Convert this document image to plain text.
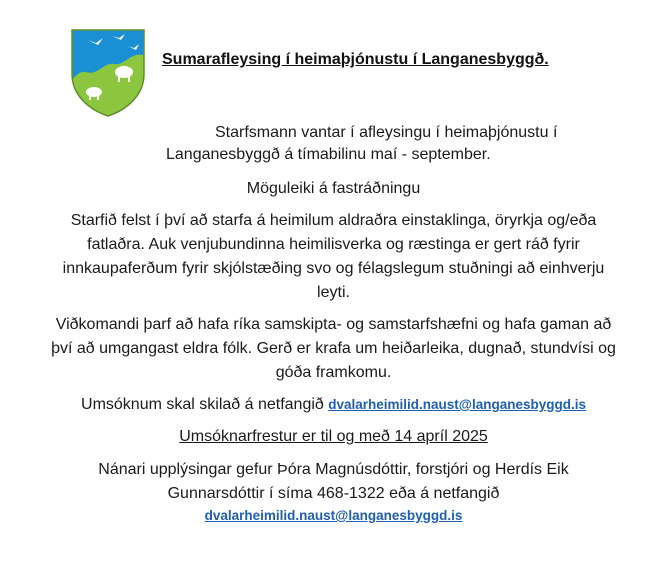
Sumarafleysing í heimaþjónustu í Langanesbyggð.
Starfsmann vantar í afleysingu í heimaþjónustu í
Langanesbyggð á tímabilinu maí - september.
Möguleiki á fastráðningu
Starfið felst í því að starfa á heimilum aldraðra einstaklinga, öryrkja og/eða
fatlaðra. Auk venjubundinna heimilisverka og ræstinga er gert ráð fyrir
innkaupaferðum fyrir skjólstæðing svo og félagslegum stuðningi að einhverju
leyti.
Viðkomandi þarf að hafa ríka samskipta- og samstarfshæfni og hafa gaman að
því að umgangast eldra fólk. Gerð er krafa um heiðarleika, dugnað, stundvísi og
góða framkomu.
Umsóknum skal skilað á netfangið dvalarheimilid.naust@langanesbyggd.is
Umsóknarfrestur er til og með 14 apríl 2025
Nánari upplýsingar gefur Þóra Magnúsdóttir, forstjóri og Herdís Eik
Gunnarsdóttir í síma 468-1322 eða á netfangið
dvalarheimilid.naust@langanesbyggd.is
